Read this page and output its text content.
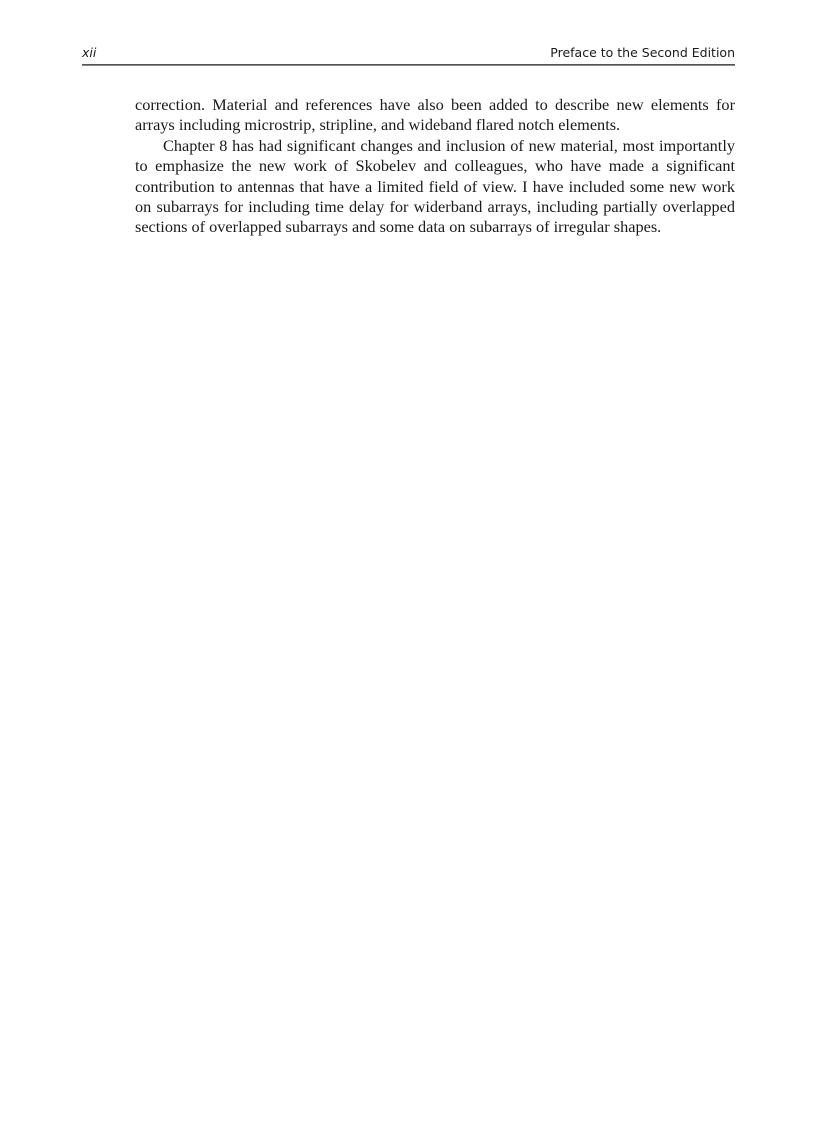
xii	Preface to the Second Edition

correction. Material and references have also been added to describe new elements for arrays including microstrip, stripline, and wideband flared notch elements.

Chapter 8 has had significant changes and inclusion of new material, most importantly to emphasize the new work of Skobelev and colleagues, who have made a significant contribution to antennas that have a limited field of view. I have included some new work on subarrays for including time delay for widerband arrays, including partially overlapped sections of overlapped subarrays and some data on subarrays of irregular shapes.
